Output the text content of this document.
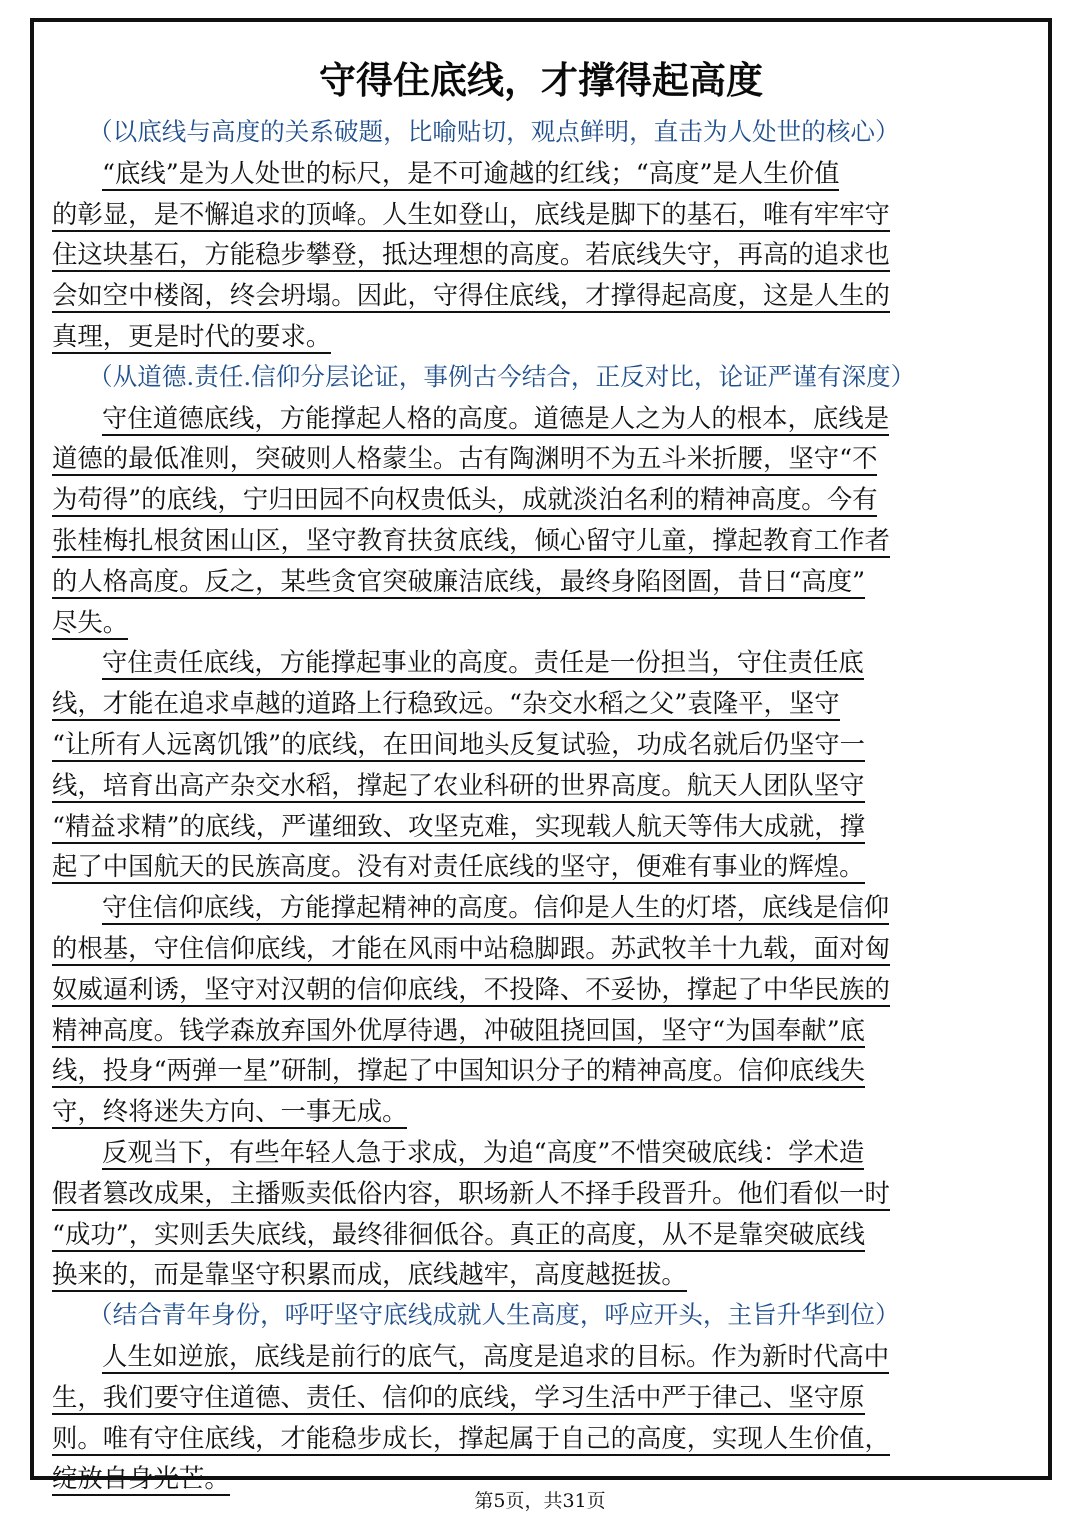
守得住底线，才撑得起高度
（以底线与高度的关系破题，比喻贴切，观点鲜明，直击为人处世的核心）
“底线”是为人处世的标尺，是不可逾越的红线；“高度”是人生价值
的彰显，是不懈追求的顶峰。人生如登山，底线是脚下的基石，唯有牢牢守
住这块基石，方能稳步攀登，抵达理想的高度。若底线失守，再高的追求也
会如空中楼阁，终会坍塌。因此，守得住底线，才撑得起高度，这是人生的
真理，更是时代的要求。
（从道德.责任.信仰分层论证，事例古今结合，正反对比，论证严谨有深度）
守住道德底线，方能撑起人格的高度。道德是人之为人的根本，底线是
道德的最低准则，突破则人格蒙尘。古有陶渊明不为五斗米折腰，坚守“不
为苟得”的底线，宁归田园不向权贵低头，成就淡泊名利的精神高度。今有
张桂梅扎根贫困山区，坚守教育扶贫底线，倾心留守儿童，撑起教育工作者
的人格高度。反之，某些贪官突破廉洁底线，最终身陷囹圄，昔日“高度”
尽失。
守住责任底线，方能撑起事业的高度。责任是一份担当，守住责任底
线，才能在追求卓越的道路上行稳致远。“杂交水稻之父”袁隆平，坚守
“让所有人远离饥饿”的底线，在田间地头反复试验，功成名就后仍坚守一
线，培育出高产杂交水稻，撑起了农业科研的世界高度。航天人团队坚守
“精益求精”的底线，严谨细致、攻坚克难，实现载人航天等伟大成就，撑
起了中国航天的民族高度。没有对责任底线的坚守，便难有事业的辉煌。
守住信仰底线，方能撑起精神的高度。信仰是人生的灯塔，底线是信仰
的根基，守住信仰底线，才能在风雨中站稳脚跟。苏武牧羊十九载，面对匈
奴威逼利诱，坚守对汉朝的信仰底线，不投降、不妥协，撑起了中华民族的
精神高度。钱学森放弃国外优厚待遇，冲破阻挠回国，坚守“为国奉献”底
线，投身“两弹一星”研制，撑起了中国知识分子的精神高度。信仰底线失
守，终将迷失方向、一事无成。
反观当下，有些年轻人急于求成，为追“高度”不惜突破底线：学术造
假者篡改成果，主播贩卖低俗内容，职场新人不择手段晋升。他们看似一时
“成功”，实则丢失底线，最终徘徊低谷。真正的高度，从不是靠突破底线
换来的，而是靠坚守积累而成，底线越牢，高度越挺拔。
（结合青年身份，呼吁坚守底线成就人生高度，呼应开头，主旨升华到位）
人生如逆旅，底线是前行的底气，高度是追求的目标。作为新时代高中
生，我们要守住道德、责任、信仰的底线，学习生活中严于律己、坚守原
则。唯有守住底线，才能稳步成长，撑起属于自己的高度，实现人生价值，
绽放自身光芒。
第5页，共31页
